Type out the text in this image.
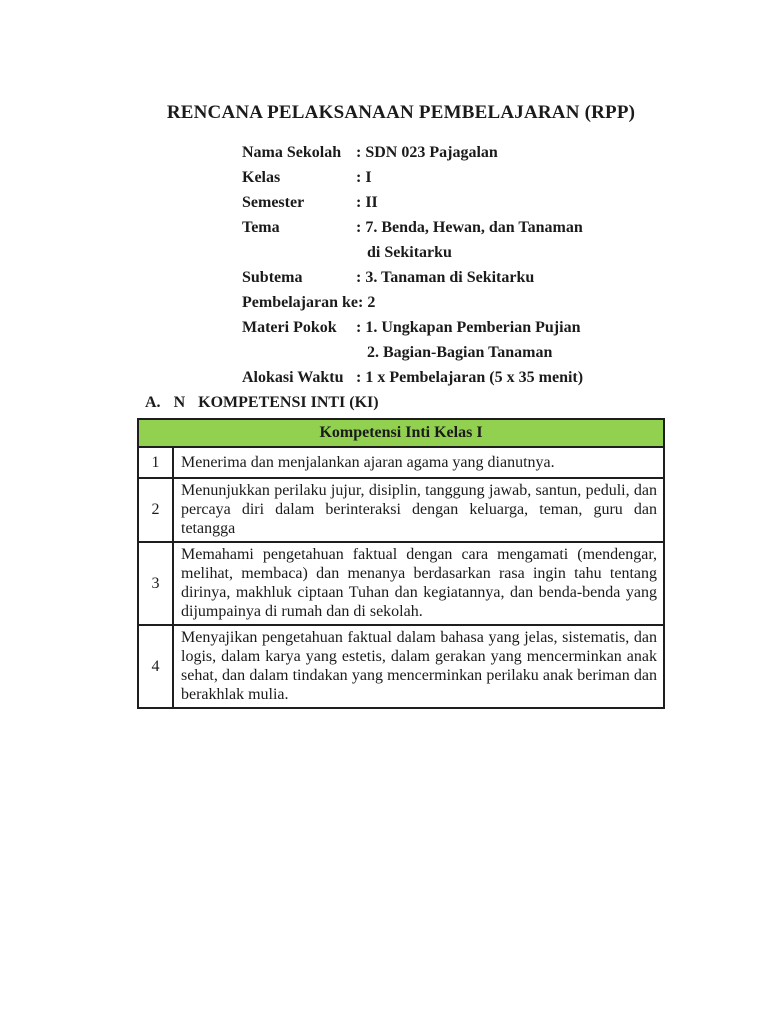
RENCANA PELAKSANAAN PEMBELAJARAN (RPP)
Nama Sekolah : SDN 023 Pajagalan
Kelas	: I
Semester	: II
Tema	: 7. Benda, Hewan, dan Tanaman
di Sekitarku
Subtema	: 3. Tanaman di Sekitarku
Pembelajaran ke : 2
Materi Pokok	: 1. Ungkapan Pemberian Pujian
2. Bagian-Bagian Tanaman
Alokasi Waktu : 1 x Pembelajaran (5 x 35 menit)
A. N KOMPETENSI INTI (KI)
Kompetensi Inti Kelas I	
1	Menerima dan menjalankan ajaran agama yang dianutnya.
2	Menunjukkan perilaku jujur, disiplin, tanggung jawab, santun, peduli, dan percaya diri dalam berinteraksi dengan keluarga, teman, guru dan tetangga
3	Memahami pengetahuan faktual dengan cara mengamati (mendengar, melihat, membaca) dan menanya berdasarkan rasa ingin tahu tentang dirinya, makhluk ciptaan Tuhan dan kegiatannya, dan benda-benda yang dijumpainya di rumah dan di sekolah.
4	Menyajikan pengetahuan faktual dalam bahasa yang jelas, sistematis, dan logis, dalam karya yang estetis, dalam gerakan yang mencerminkan anak sehat, dan dalam tindakan yang mencerminkan perilaku anak beriman dan berakhlak mulia.
